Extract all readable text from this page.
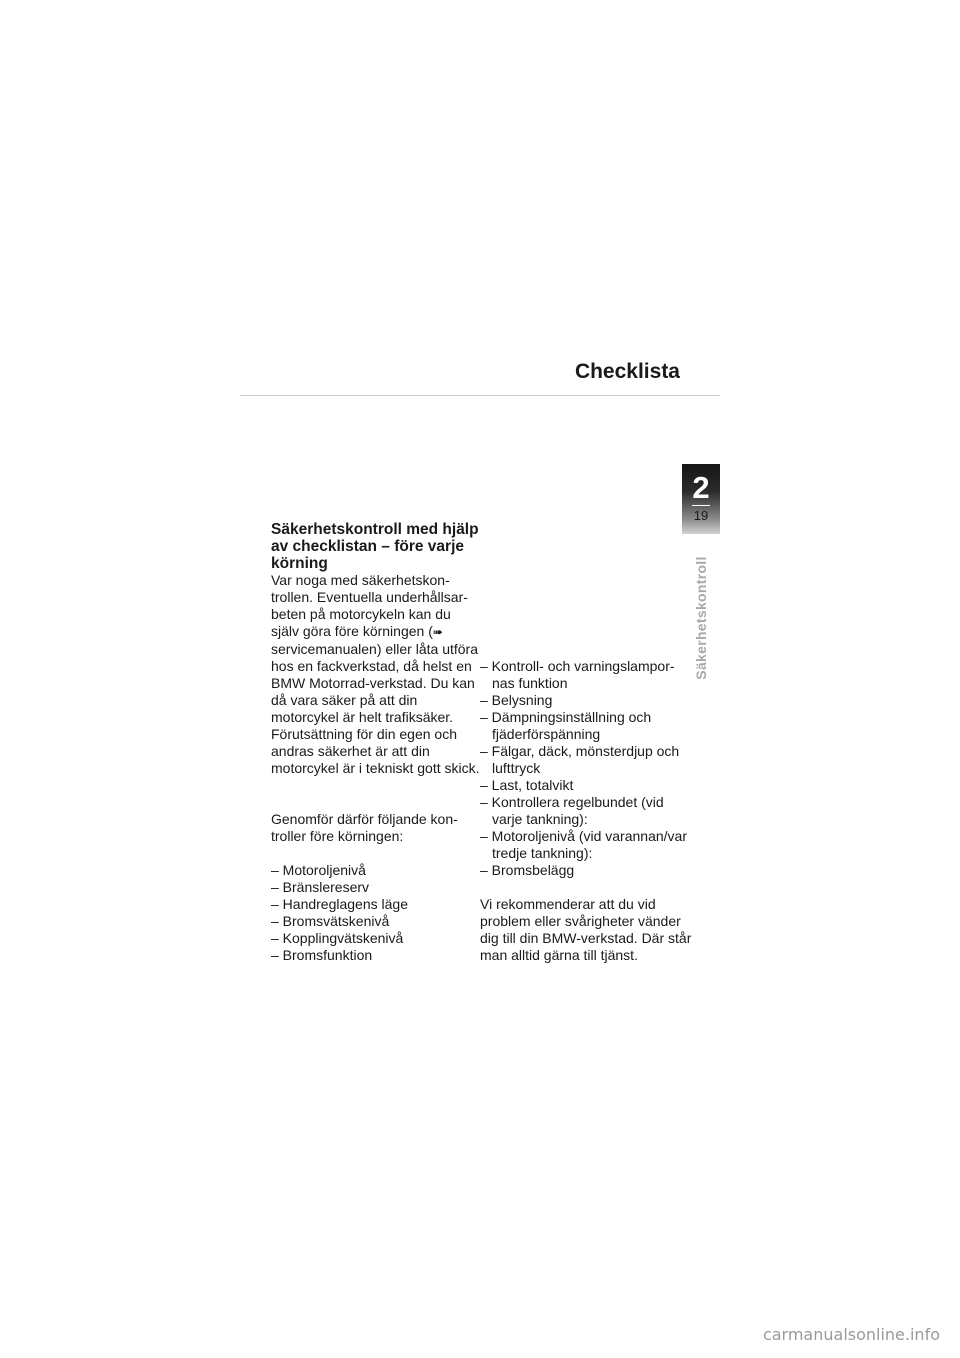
Checklista
2
19
Säkerhetskontroll

Säkerhetskontroll med hjälp av checklistan – före varje körning

Var noga med säkerhetskontrollen. Eventuella underhållsarbeten på motorcykeln kan du själv göra före körningen (➠ servicemanualen) eller låta utföra hos en fackverkstad, då helst en BMW Motorrad-verkstad. Du kan då vara säker på att din motorcykel är helt trafiksäker.

Förutsättning för din egen och andras säkerhet är att din motorcykel är i tekniskt gott skick.

Genomför därför följande kontroller före körningen:

– Motoroljenivå
– Bränslereserv
– Handreglagens läge
– Bromsvätskenivå
– Kopplingvätskenivå
– Bromsfunktion
– Kontroll- och varningslampornas funktion
– Belysning
– Dämpningsinställning och fjäderförspänning
– Fälgar, däck, mönsterdjup och lufttryck
– Last, totalvikt
– Kontrollera regelbundet (vid varje tankning):
– Motoroljenivå (vid varannan/var tredje tankning):
– Bromsbelägg

Vi rekommenderar att du vid problem eller svårigheter vänder dig till din BMW-verkstad. Där står man alltid gärna till tjänst.

carmanualsonline.info
